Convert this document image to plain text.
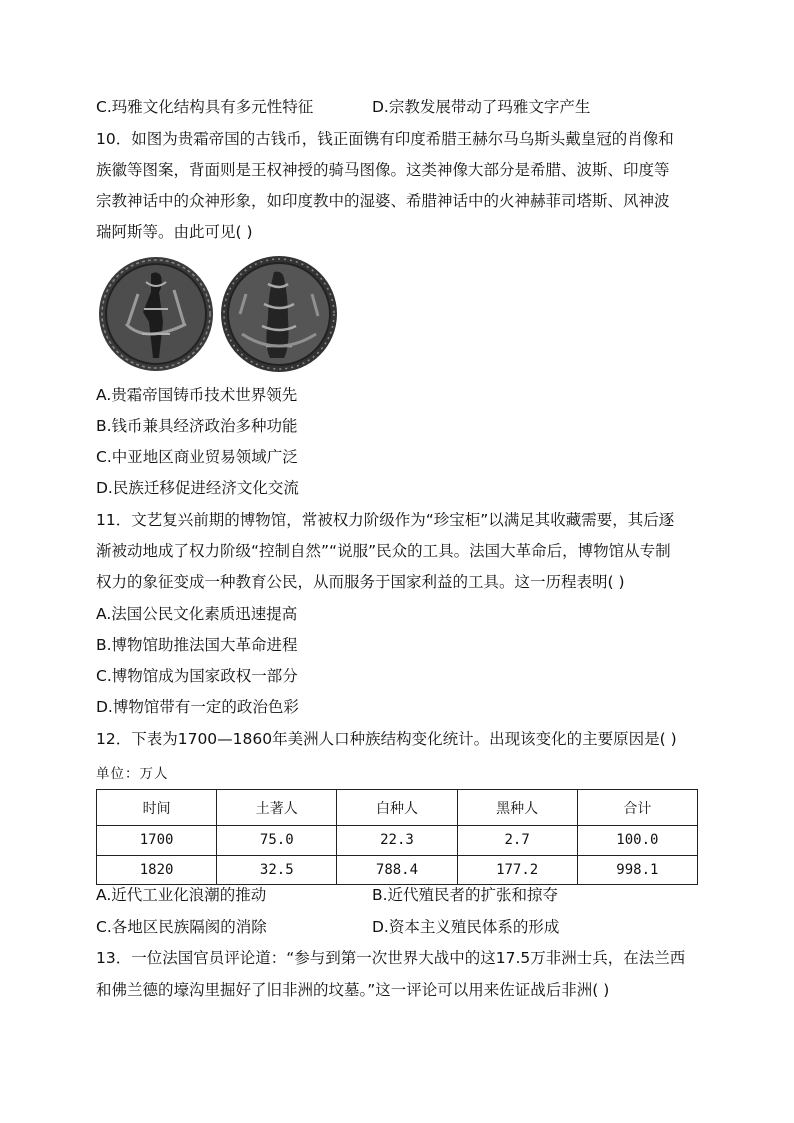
C.玛雅文化结构具有多元性特征	D.宗教发展带动了玛雅文字产生
10．如图为贵霜帝国的古钱币，钱正面镌有印度希腊王赫尔马乌斯头戴皇冠的肖像和
族徽等图案，背面则是王权神授的骑马图像。这类神像大部分是希腊、波斯、印度等
宗教神话中的众神形象，如印度教中的湿婆、希腊神话中的火神赫菲司塔斯、风神波
瑞阿斯等。由此可见( )
A.贵霜帝国铸币技术世界领先
B.钱币兼具经济政治多种功能
C.中亚地区商业贸易领域广泛
D.民族迁移促进经济文化交流
11．文艺复兴前期的博物馆，常被权力阶级作为“珍宝柜”以满足其收藏需要，其后逐
渐被动地成了权力阶级“控制自然”“说服”民众的工具。法国大革命后，博物馆从专制
权力的象征变成一种教育公民，从而服务于国家利益的工具。这一历程表明( )
A.法国公民文化素质迅速提高
B.博物馆助推法国大革命进程
C.博物馆成为国家政权一部分
D.博物馆带有一定的政治色彩
12．下表为1700—1860年美洲人口种族结构变化统计。出现该变化的主要原因是( )
单位：万人
时间	土著人	白种人	黑种人	合计
1700	75.0	22.3	2.7	100.0
1820	32.5	788.4	177.2	998.1
A.近代工业化浪潮的推动	B.近代殖民者的扩张和掠夺
C.各地区民族隔阂的消除	D.资本主义殖民体系的形成
13．一位法国官员评论道：“参与到第一次世界大战中的这17.5万非洲士兵，在法兰西
和佛兰德的壕沟里掘好了旧非洲的坟墓。”这一评论可以用来佐证战后非洲( )
